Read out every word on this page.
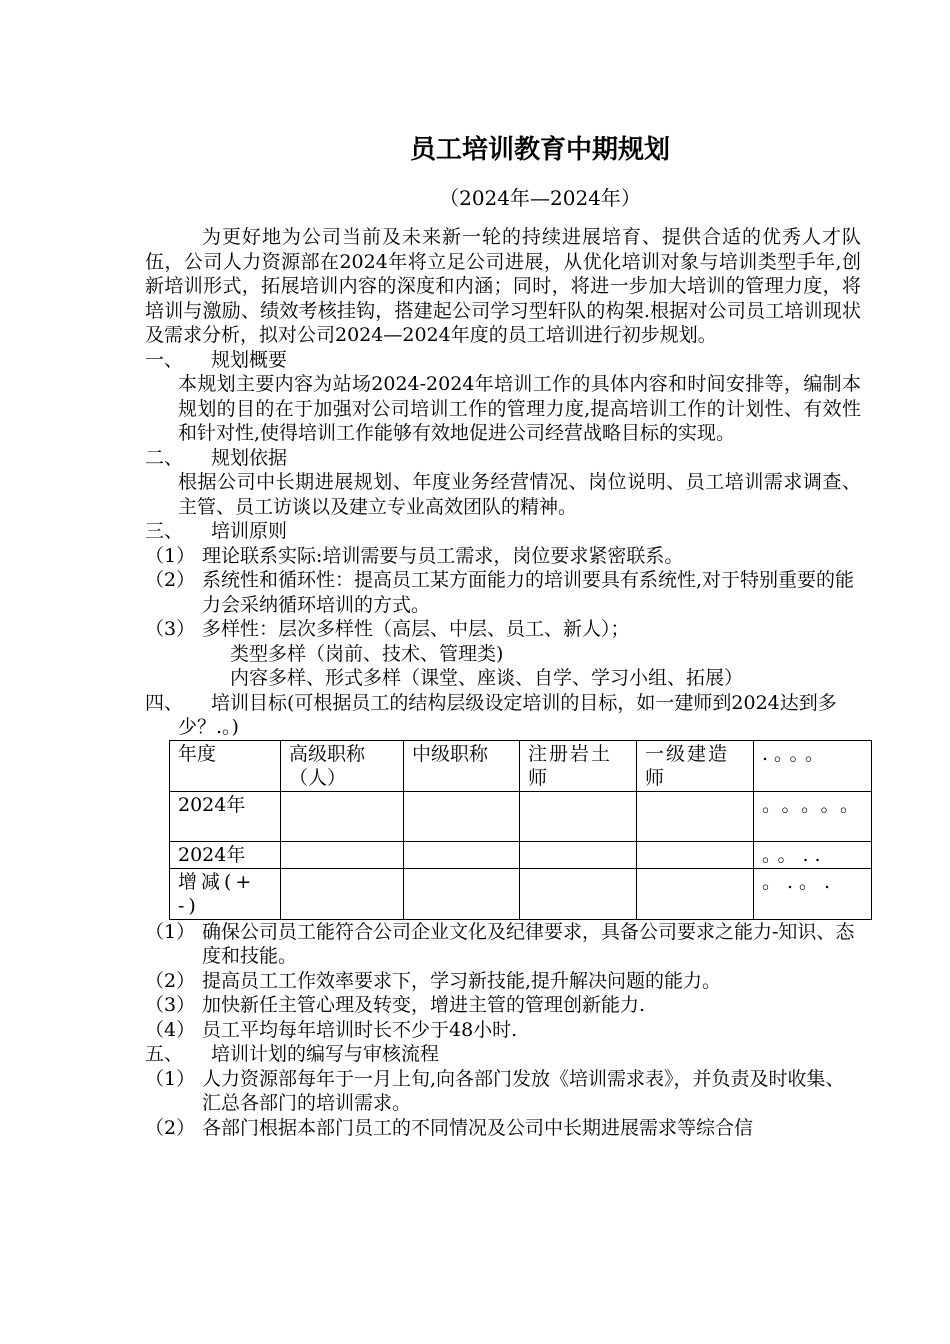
员工培训教育中期规划
（2024年—2024年）

为更好地为公司当前及未来新一轮的持续进展培育、提供合适的优秀人才队伍，公司人力资源部在2024年将立足公司进展，从优化培训对象与培训类型手年,创新培训形式，拓展培训内容的深度和内涵；同时，将进一步加大培训的管理力度，将培训与激励、绩效考核挂钩，搭建起公司学习型轩队的构架.根据对公司员工培训现状及需求分析，拟对公司2024—2024年度的员工培训进行初步规划。

一、 规划概要

本规划主要内容为站场2024-2024年培训工作的具体内容和时间安排等，编制本规划的目的在于加强对公司培训工作的管理力度,提高培训工作的计划性、有效性和针对性,使得培训工作能够有效地促进公司经营战略目标的实现。

二、 规划依据

根据公司中长期进展规划、年度业务经营情况、岗位说明、员工培训需求调查、主管、员工访谈以及建立专业高效团队的精神。

三、 培训原则

（1） 理论联系实际:培训需要与员工需求，岗位要求紧密联系。

（2） 系统性和循环性：提高员工某方面能力的培训要具有系统性,对于特别重要的能力会采纳循环培训的方式。

（3） 多样性：层次多样性（高层、中层、员工、新人）；

类型多样（岗前、技术、管理类)

内容多样、形式多样（课堂、座谈、自学、学习小组、拓展）

四、 培训目标(可根据员工的结构层级设定培训的目标，如一建师到2024达到多少？.。)

年度	高级职称（人）	中级职称	注册岩土师	一级建造师	.。。。
2024年					。。。。。
2024年					。。..
增减(+-)					。.。.

（1） 确保公司员工能符合公司企业文化及纪律要求，具备公司要求之能力-知识、态度和技能。

（2） 提高员工工作效率要求下，学习新技能,提升解决问题的能力。

（3） 加快新任主管心理及转变，增进主管的管理创新能力.

（4） 员工平均每年培训时长不少于48小时.

五、 培训计划的编写与审核流程

（1） 人力资源部每年于一月上旬,向各部门发放《培训需求表》，并负责及时收集、汇总各部门的培训需求。

（2） 各部门根据本部门员工的不同情况及公司中长期进展需求等综合信
